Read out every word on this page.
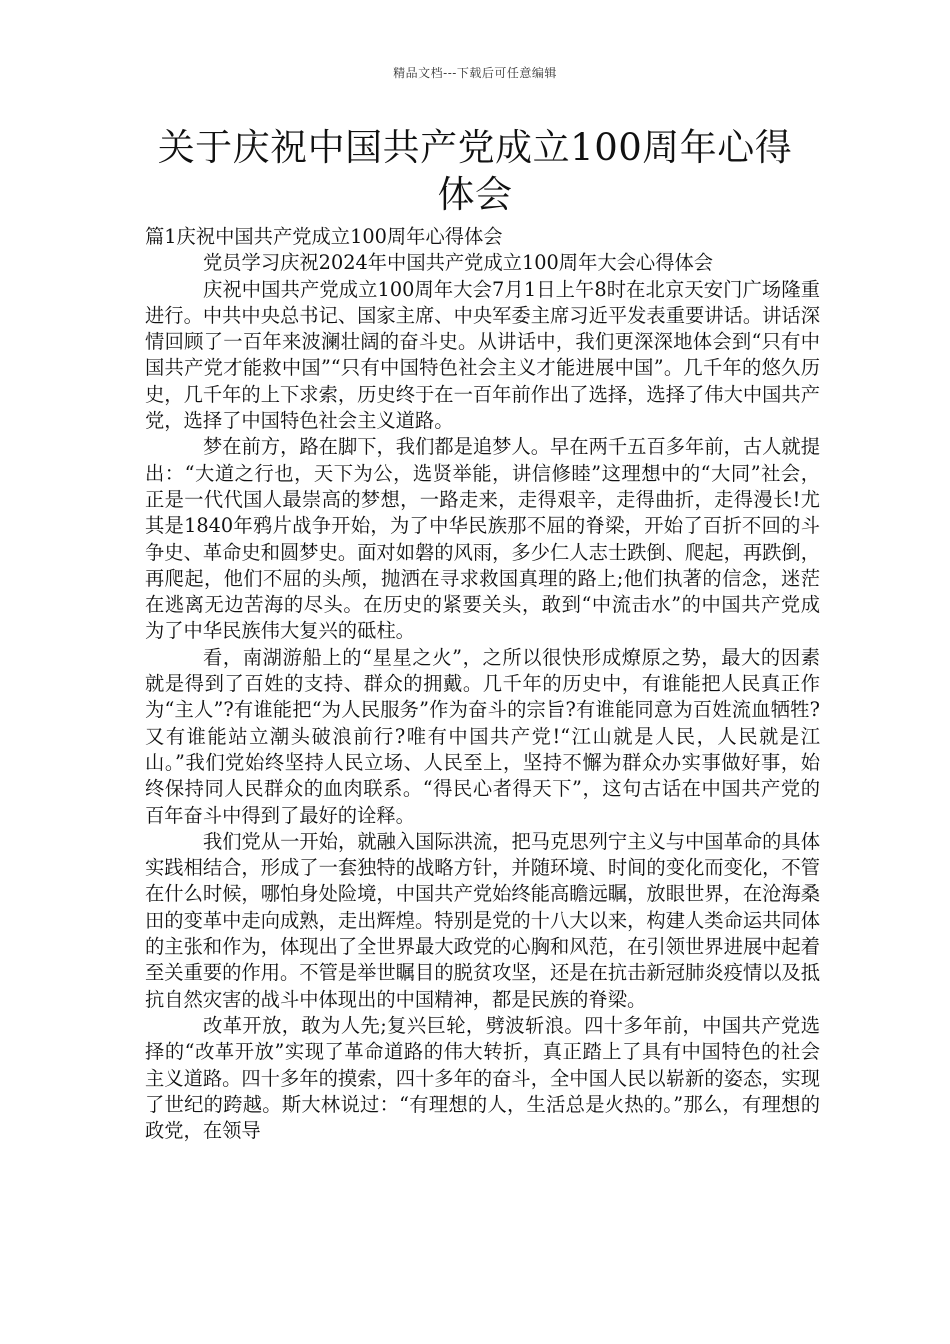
精品文档---下载后可任意编辑
关于庆祝中国共产党成立100周年心得体会

篇1庆祝中国共产党成立100周年心得体会

党员学习庆祝2024年中国共产党成立100周年大会心得体会

庆祝中国共产党成立100周年大会7月1日上午8时在北京天安门广场隆重进行。中共中央总书记、国家主席、中央军委主席习近平发表重要讲话。讲话深情回顾了一百年来波澜壮阔的奋斗史。从讲话中，我们更深深地体会到“只有中国共产党才能救中国”“只有中国特色社会主义才能进展中国”。几千年的悠久历史，几千年的上下求索，历史终于在一百年前作出了选择，选择了伟大中国共产党，选择了中国特色社会主义道路。

梦在前方，路在脚下，我们都是追梦人。早在两千五百多年前，古人就提出：“大道之行也，天下为公，选贤举能，讲信修睦”这理想中的“大同”社会，正是一代代国人最崇高的梦想，一路走来，走得艰辛，走得曲折，走得漫长!尤其是1840年鸦片战争开始，为了中华民族那不屈的脊梁，开始了百折不回的斗争史、革命史和圆梦史。面对如磐的风雨，多少仁人志士跌倒、爬起，再跌倒，再爬起，他们不屈的头颅，抛洒在寻求救国真理的路上;他们执著的信念，迷茫在逃离无边苦海的尽头。在历史的紧要关头，敢到“中流击水”的中国共产党成为了中华民族伟大复兴的砥柱。

看，南湖游船上的“星星之火”，之所以很快形成燎原之势，最大的因素就是得到了百姓的支持、群众的拥戴。几千年的历史中，有谁能把人民真正作为“主人”?有谁能把“为人民服务”作为奋斗的宗旨?有谁能同意为百姓流血牺牲?又有谁能站立潮头破浪前行?唯有中国共产党!“江山就是人民，人民就是江山。”我们党始终坚持人民立场、人民至上，坚持不懈为群众办实事做好事，始终保持同人民群众的血肉联系。“得民心者得天下”，这句古话在中国共产党的百年奋斗中得到了最好的诠释。

我们党从一开始，就融入国际洪流，把马克思列宁主义与中国革命的具体实践相结合，形成了一套独特的战略方针，并随环境、时间的变化而变化，不管在什么时候，哪怕身处险境，中国共产党始终能高瞻远瞩，放眼世界，在沧海桑田的变革中走向成熟，走出辉煌。特别是党的十八大以来，构建人类命运共同体的主张和作为，体现出了全世界最大政党的心胸和风范，在引领世界进展中起着至关重要的作用。不管是举世瞩目的脱贫攻坚，还是在抗击新冠肺炎疫情以及抵抗自然灾害的战斗中体现出的中国精神，都是民族的脊梁。

改革开放，敢为人先;复兴巨轮，劈波斩浪。四十多年前，中国共产党选择的“改革开放”实现了革命道路的伟大转折，真正踏上了具有中国特色的社会主义道路。四十多年的摸索，四十多年的奋斗，全中国人民以崭新的姿态，实现了世纪的跨越。斯大林说过：“有理想的人，生活总是火热的。”那么，有理想的政党，在领导
